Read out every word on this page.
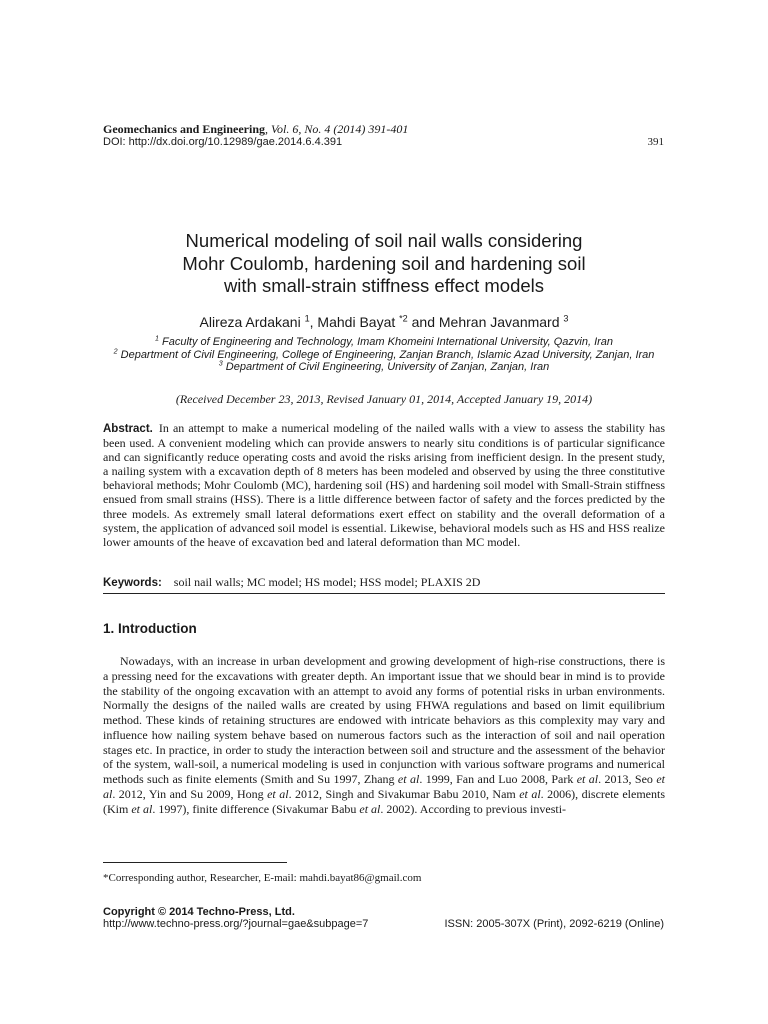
Geomechanics and Engineering, Vol. 6, No. 4 (2014) 391-401
DOI: http://dx.doi.org/10.12989/gae.2014.6.4.391	391
Numerical modeling of soil nail walls considering
Mohr Coulomb, hardening soil and hardening soil
with small-strain stiffness effect models
Alireza Ardakani $^1$, Mahdi Bayat $^{*2}$ and Mehran Javanmard $^3$
$^1$ Faculty of Engineering and Technology, Imam Khomeini International University, Qazvin, Iran
$^2$ Department of Civil Engineering, College of Engineering, Zanjan Branch, Islamic Azad University, Zanjan, Iran
$^3$ Department of Civil Engineering, University of Zanjan, Zanjan, Iran
(Received December 23, 2013, Revised January 01, 2014, Accepted January 19, 2014)
Abstract. In an attempt to make a numerical modeling of the nailed walls with a view to assess the stability has been used. A convenient modeling which can provide answers to nearly situ conditions is of particular significance and can significantly reduce operating costs and avoid the risks arising from inefficient design. In the present study, a nailing system with a excavation depth of 8 meters has been modeled and observed by using the three constitutive behavioral methods; Mohr Coulomb (MC), hardening soil (HS) and hardening soil model with Small-Strain stiffness ensued from small strains (HSS). There is a little difference between factor of safety and the forces predicted by the three models. As extremely small lateral deformations exert effect on stability and the overall deformation of a system, the application of advanced soil model is essential. Likewise, behavioral models such as HS and HSS realize lower amounts of the heave of excavation bed and lateral deformation than MC model.
Keywords: soil nail walls; MC model; HS model; HSS model; PLAXIS 2D
1. Introduction
Nowadays, with an increase in urban development and growing development of high-rise constructions, there is a pressing need for the excavations with greater depth. An important issue that we should bear in mind is to provide the stability of the ongoing excavation with an attempt to avoid any forms of potential risks in urban environments. Normally the designs of the nailed walls are created by using FHWA regulations and based on limit equilibrium method. These kinds of retaining structures are endowed with intricate behaviors as this complexity may vary and influence how nailing system behave based on numerous factors such as the interaction of soil and nail operation stages etc. In practice, in order to study the interaction between soil and structure and the assessment of the behavior of the system, wall-soil, a numerical modeling is used in conjunction with various software programs and numerical methods such as finite elements (Smith and Su 1997, Zhang et al. 1999, Fan and Luo 2008, Park et al. 2013, Seo et al. 2012, Yin and Su 2009, Hong et al. 2012, Singh and Sivakumar Babu 2010, Nam et al. 2006), discrete elements (Kim et al. 1997), finite difference (Sivakumar Babu et al. 2002). According to previous investi-
*Corresponding author, Researcher, E-mail: mahdi.bayat86@gmail.com
Copyright © 2014 Techno-Press, Ltd.
http://www.techno-press.org/?journal=gae&subpage=7	ISSN: 2005-307X (Print), 2092-6219 (Online)
